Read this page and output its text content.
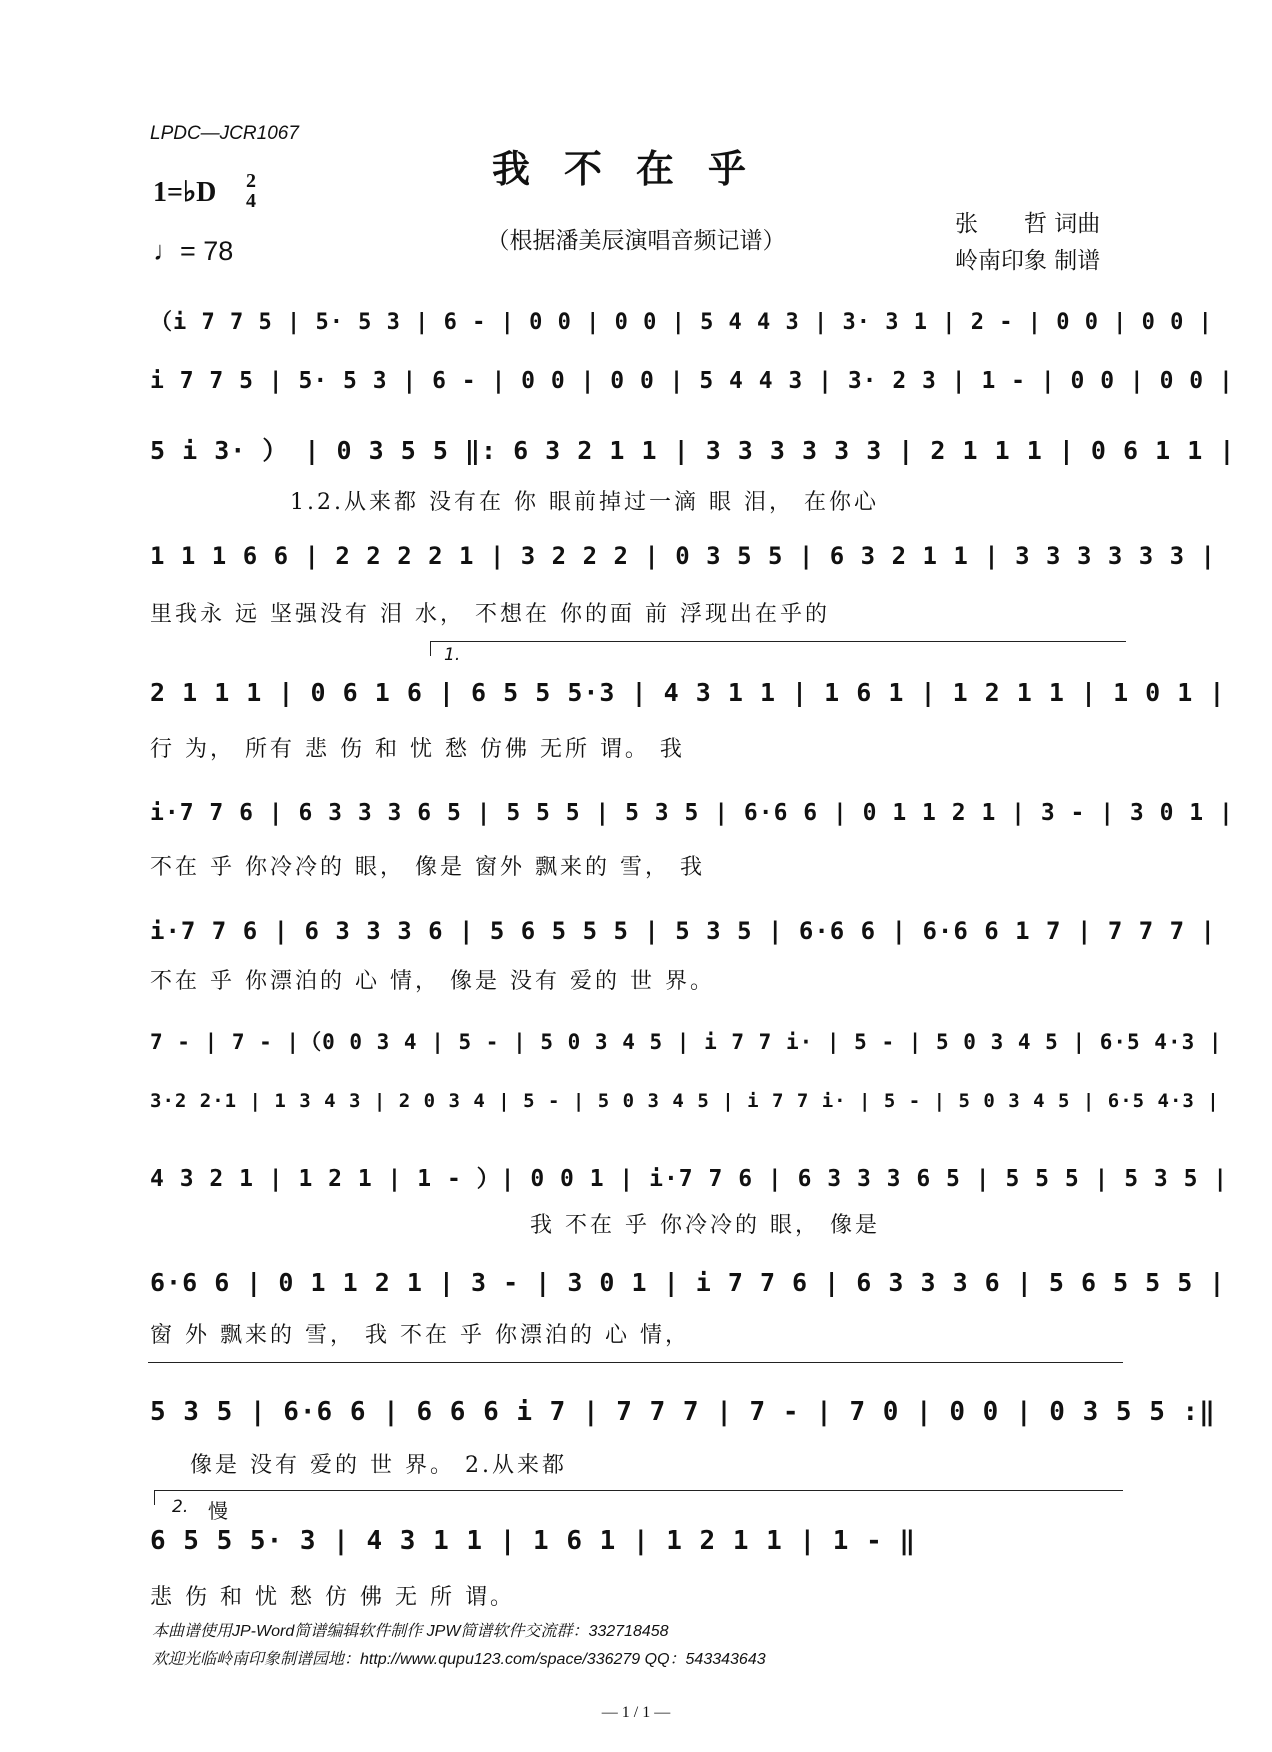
LPDC—JCR1067
我不在乎
1=♭D 2
4
♩= 78	（根据潘美辰演唱音频记谱）
张　　哲 词曲
岭南印象 制谱
（i 7 7 5 | 5· 5 3 | 6 - | 0 0 | 0 0 | 5 4 4 3 | 3· 3 1 | 2 - | 0 0 | 0 0 |
i 7 7 5 | 5· 5 3 | 6 - | 0 0 | 0 0 | 5 4 4 3 | 3· 2 3 | 1 - | 0 0 | 0 0 |
5 i 3· ） | 0 3 5 5 ‖: 6 3 2 1 1 | 3 3 3 3 3 3 | 2 1 1 1 | 0 6 1 1 |
1.2.从来都 没有在 你 眼前掉过一滴 眼 泪， 在你心
1 1 1 6 6 | 2 2 2 2 1 | 3 2 2 2 | 0 3 5 5 | 6 3 2 1 1 | 3 3 3 3 3 3 |
里我永 远 坚强没有 泪 水， 不想在 你的面 前 浮现出在乎的
1.
2 1 1 1 | 0 6 1 6 | 6 5 5 5·3 | 4 3 1 1 | 1 6 1 | 1 2 1 1 | 1 0 1 |
行 为， 所有 悲 伤 和 忧 愁 仿佛 无所 谓。 我
i·7 7 6 | 6 3 3 3 6 5 | 5 5 5 | 5 3 5 | 6·6 6 | 0 1 1 2 1 | 3 - | 3 0 1 |
不在 乎 你冷冷的 眼， 像是 窗外 飘来的 雪， 我
i·7 7 6 | 6 3 3 3 6 | 5 6 5 5 5 | 5 3 5 | 6·6 6 | 6·6 6 1 7 | 7 7 7 |
不在 乎 你漂泊的 心 情， 像是 没有 爱的 世 界。
7 - | 7 - |（0 0 3 4 | 5 - | 5 0 3 4 5 | i 7 7 i· | 5 - | 5 0 3 4 5 | 6·5 4·3 |
3·2 2·1 | 1 3 4 3 | 2 0 3 4 | 5 - | 5 0 3 4 5 | i 7 7 i· | 5 - | 5 0 3 4 5 | 6·5 4·3 |
4 3 2 1 | 1 2 1 | 1 - ）| 0 0 1 | i·7 7 6 | 6 3 3 3 6 5 | 5 5 5 | 5 3 5 |
我 不在 乎 你冷冷的 眼， 像是
6·6 6 | 0 1 1 2 1 | 3 - | 3 0 1 | i 7 7 6 | 6 3 3 3 6 | 5 6 5 5 5 |
窗 外 飘来的 雪， 我 不在 乎 你漂泊的 心 情，
5 3 5 | 6·6 6 | 6 6 6 i 7 | 7 7 7 | 7 - | 7 0 | 0 0 | 0 3 5 5 :‖
像是 没有 爱的 世 界。 2.从来都
2. 慢
6 5 5 5· 3 | 4 3 1 1 | 1 6 1 | 1 2 1 1 | 1 - ‖
悲 伤 和 忧 愁 仿 佛 无 所 谓。
本曲谱使用JP-Word简谱编辑软件制作 JPW简谱软件交流群：332718458
欢迎光临岭南印象制谱园地：http://www.qupu123.com/space/336279 QQ：543343643
— 1 / 1 —
